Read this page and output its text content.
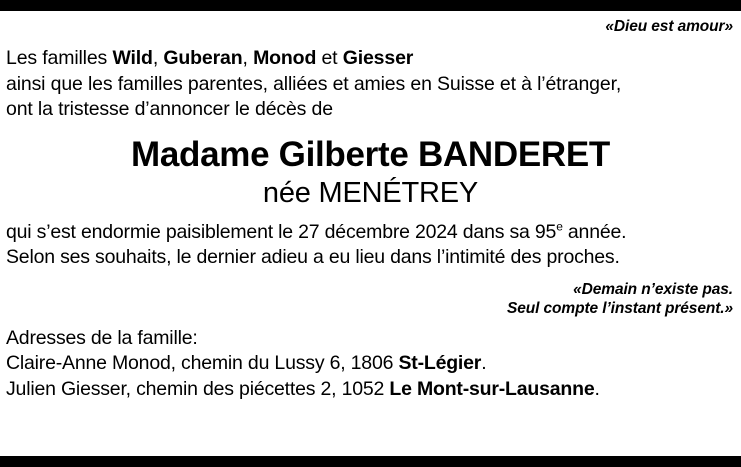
«Dieu est amour»
Les familles Wild, Guberan, Monod et Giesser
ainsi que les familles parentes, alliées et amies en Suisse et à l’étranger,
ont la tristesse d’annoncer le décès de
Madame Gilberte BANDERET
née MENÉTREY
qui s’est endormie paisiblement le 27 décembre 2024 dans sa 95e année.
Selon ses souhaits, le dernier adieu a eu lieu dans l’intimité des proches.
«Demain n’existe pas.
Seul compte l’instant présent.»
Adresses de la famille:
Claire-Anne Monod, chemin du Lussy 6, 1806 St-Légier.
Julien Giesser, chemin des piécettes 2, 1052 Le Mont-sur-Lausanne.
